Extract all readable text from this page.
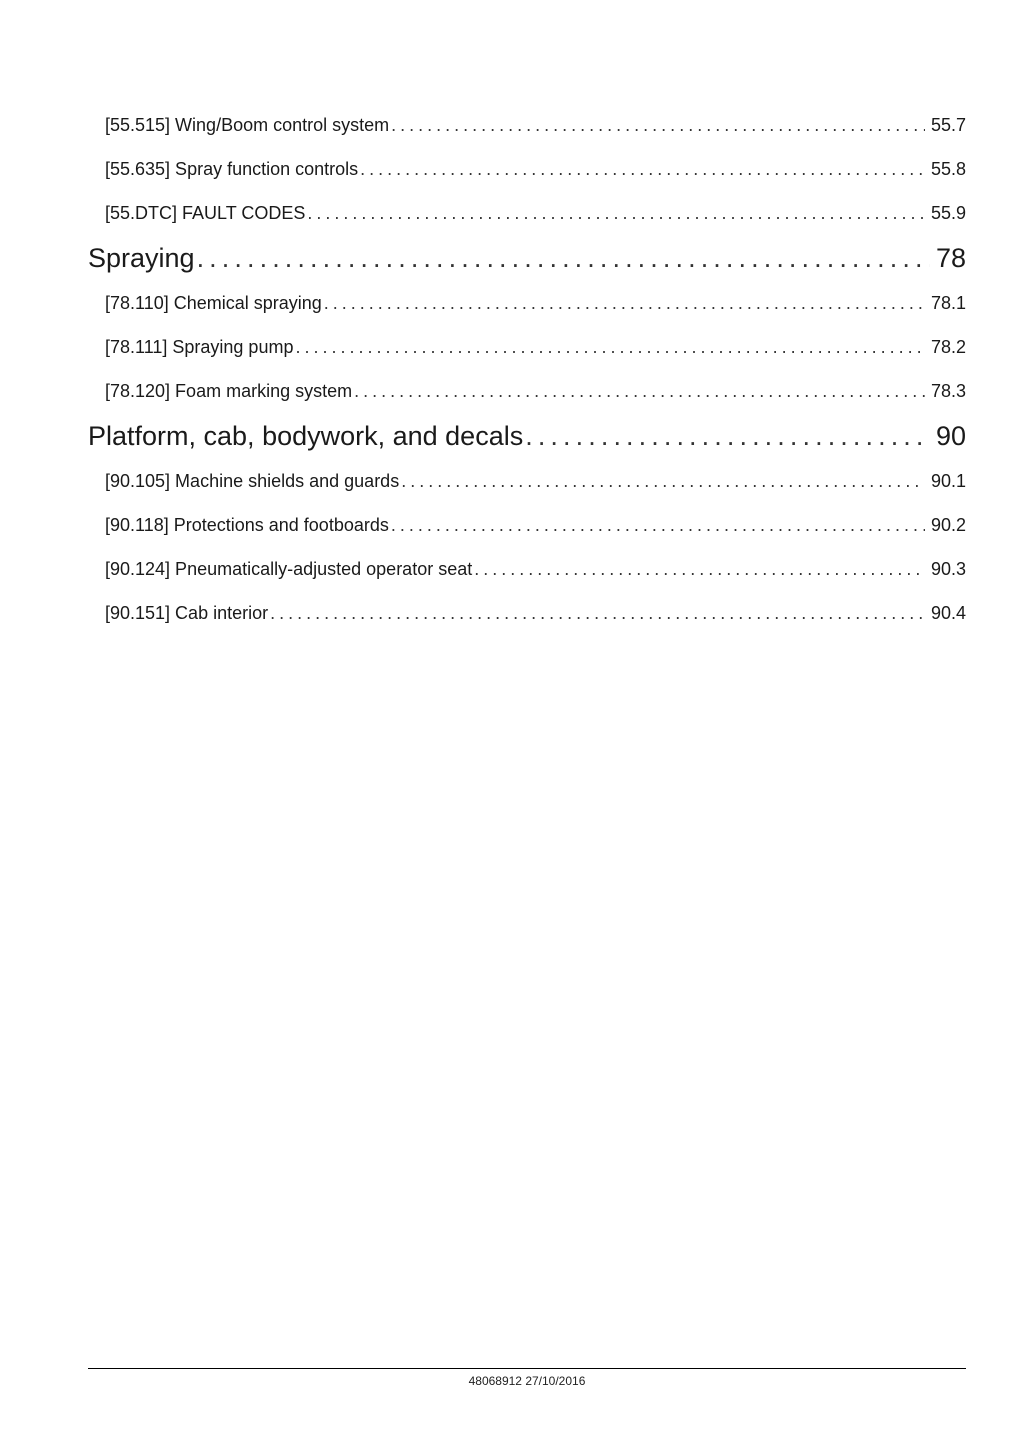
[55.515] Wing/Boom control system . . .	55.7
[55.635] Spray function controls . . .	55.8
[55.DTC] FAULT CODES . . .	55.9
Spraying . . .	78
[78.110] Chemical spraying . . .	78.1
[78.111] Spraying pump . . .	78.2
[78.120] Foam marking system . . .	78.3
Platform, cab, bodywork, and decals . . .	90
[90.105] Machine shields and guards . . .	90.1
[90.118] Protections and footboards . . .	90.2
[90.124] Pneumatically-adjusted operator seat . . .	90.3
[90.151] Cab interior . . .	90.4
48068912 27/10/2016
